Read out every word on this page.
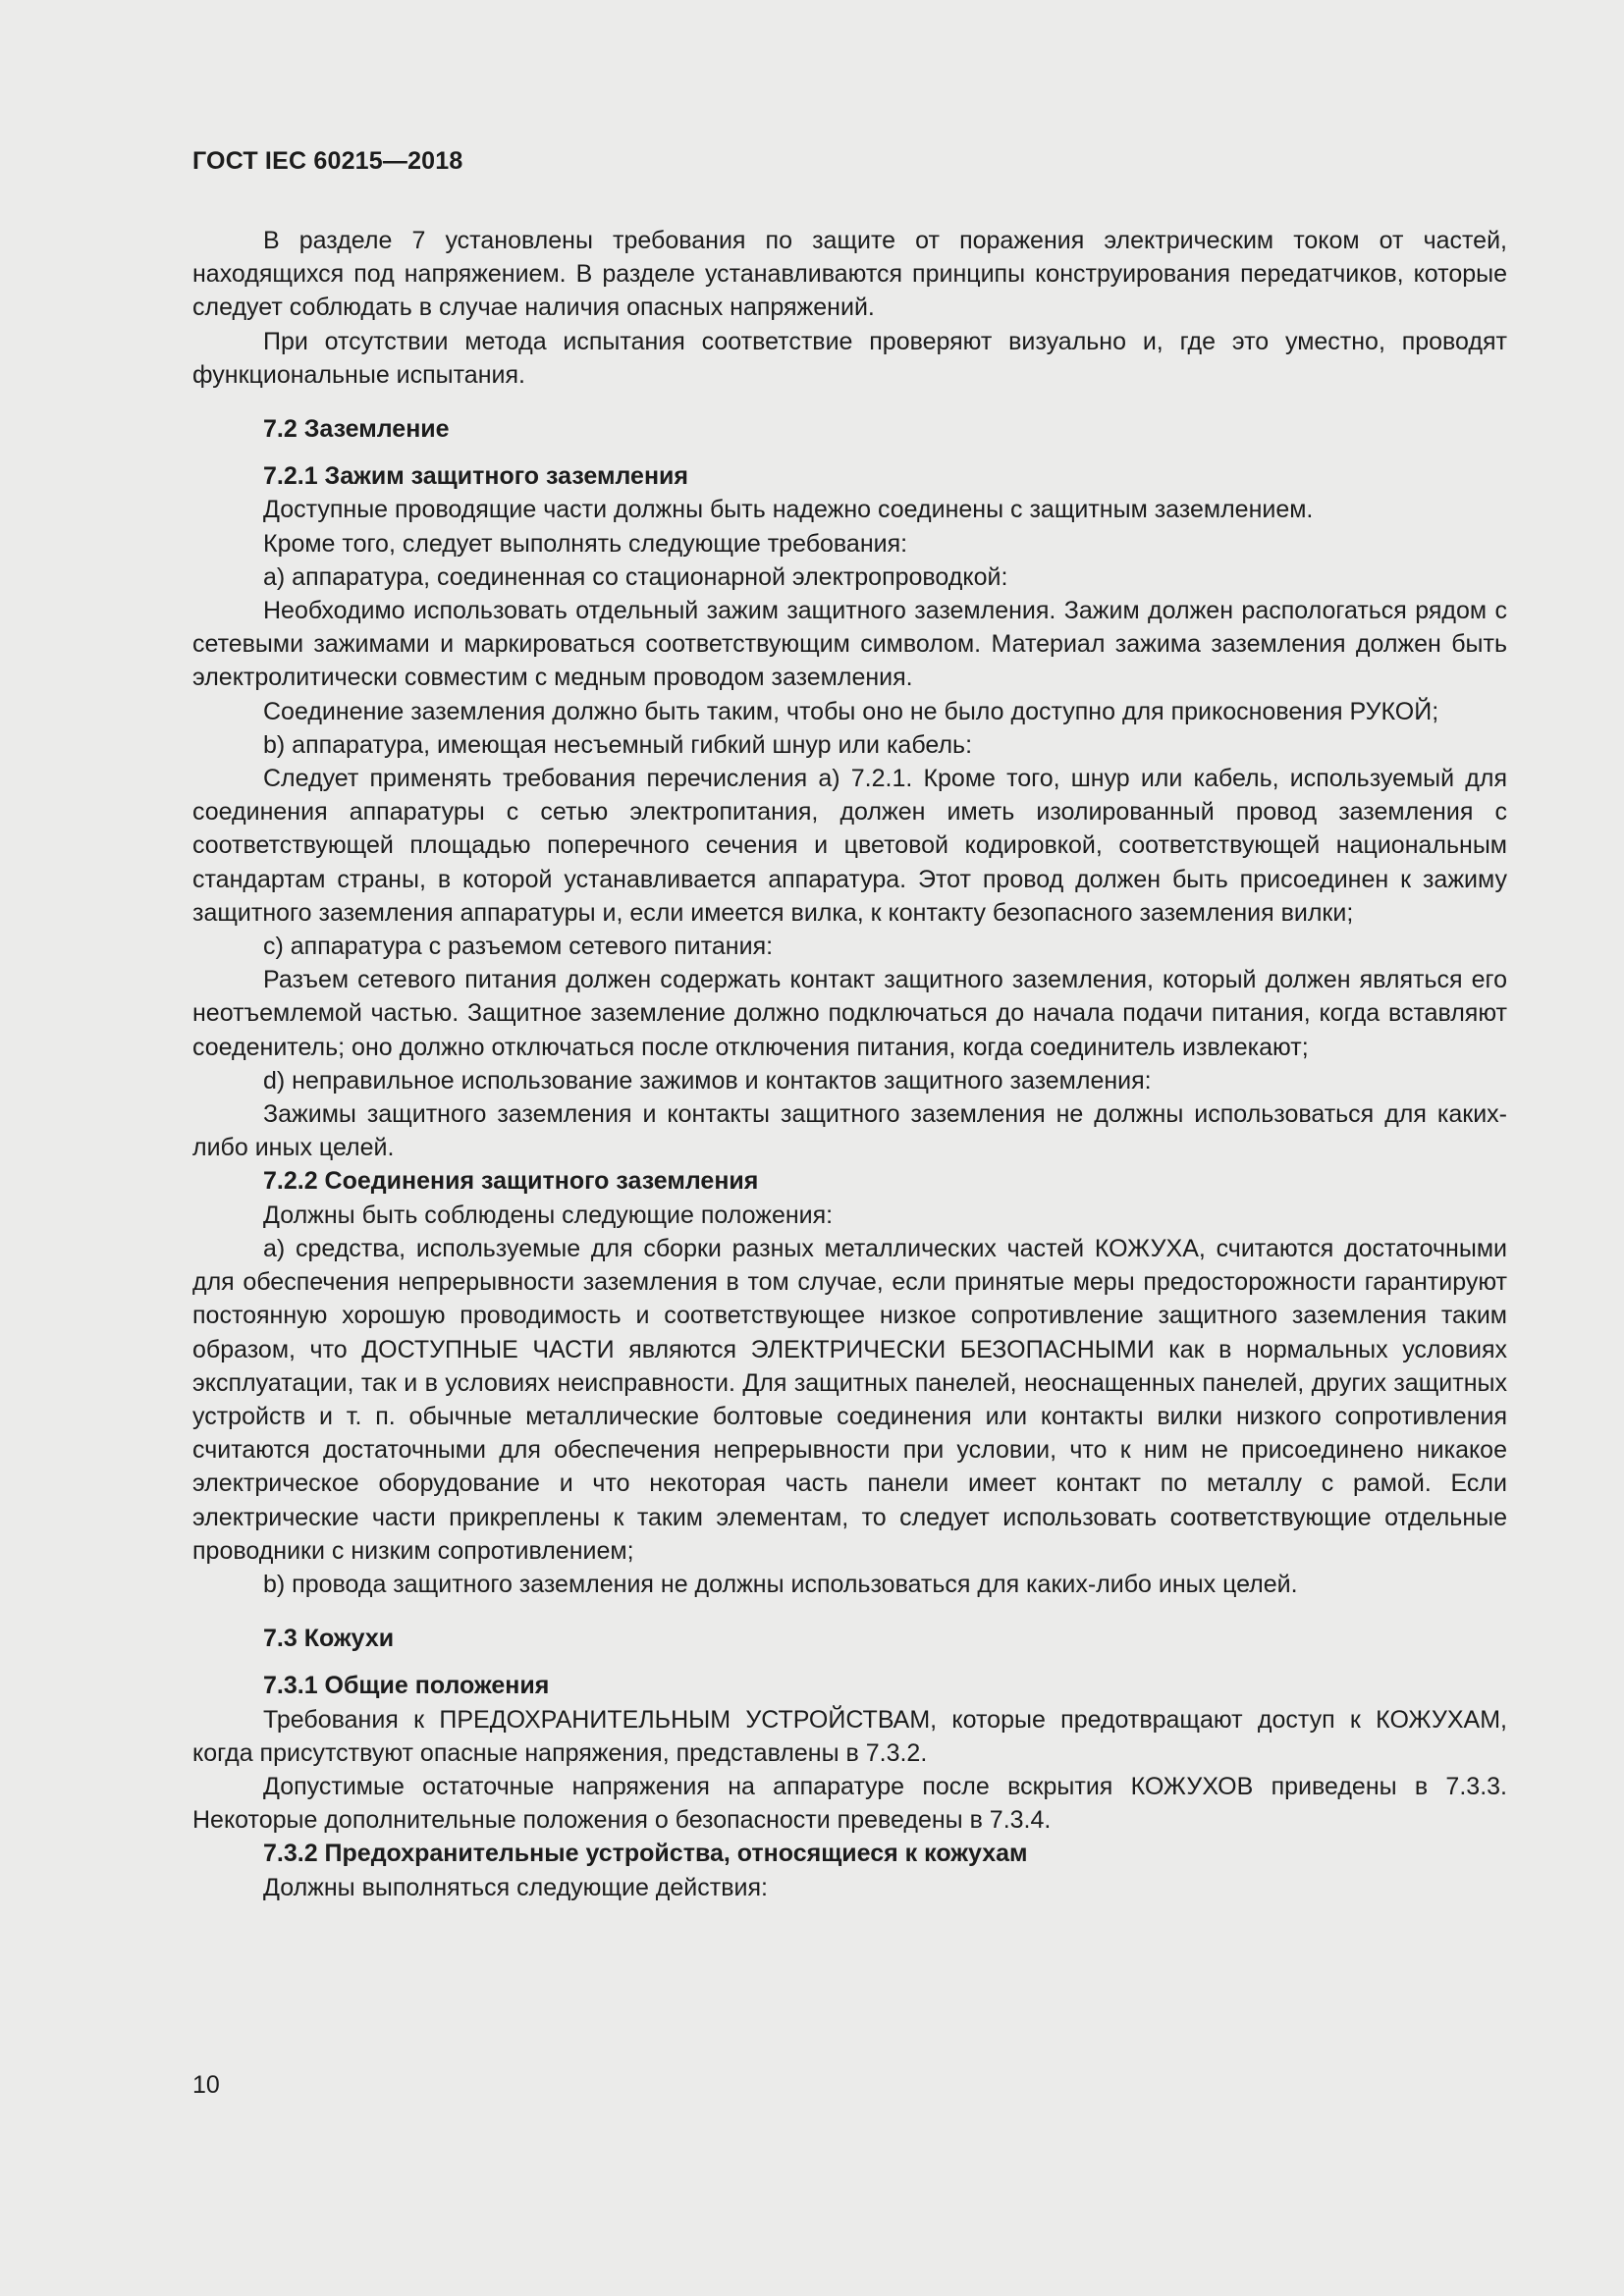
ГОСТ IEC 60215—2018

В разделе 7 установлены требования по защите от поражения электрическим током от частей, находящихся под напряжением. В разделе устанавливаются принципы конструирования передатчиков, которые следует соблюдать в случае наличия опасных напряжений.

При отсутствии метода испытания соответствие проверяют визуально и, где это уместно, проводят функциональные испытания.

7.2 Заземление

7.2.1 Зажим защитного заземления

Доступные проводящие части должны быть надежно соединены с защитным заземлением.

Кроме того, следует выполнять следующие требования:

a) аппаратура, соединенная со стационарной электропроводкой:

Необходимо использовать отдельный зажим защитного заземления. Зажим должен распологаться рядом с сетевыми зажимами и маркироваться соответствующим символом. Материал зажима заземления должен быть электролитически совместим с медным проводом заземления.

Соединение заземления должно быть таким, чтобы оно не было доступно для прикосновения РУКОЙ;

b) аппаратура, имеющая несъемный гибкий шнур или кабель:

Следует применять требования перечисления a) 7.2.1. Кроме того, шнур или кабель, используемый для соединения аппаратуры с сетью электропитания, должен иметь изолированный провод заземления с соответствующей площадью поперечного сечения и цветовой кодировкой, соответствующей национальным стандартам страны, в которой устанавливается аппаратура. Этот провод должен быть присоединен к зажиму защитного заземления аппаратуры и, если имеется вилка, к контакту безопасного заземления вилки;

c) аппаратура с разъемом сетевого питания:

Разъем сетевого питания должен содержать контакт защитного заземления, который должен являться его неотъемлемой частью. Защитное заземление должно подключаться до начала подачи питания, когда вставляют соеденитель; оно должно отключаться после отключения питания, когда соединитель извлекают;

d) неправильное использование зажимов и контактов защитного заземления:

Зажимы защитного заземления и контакты защитного заземления не должны использоваться для каких-либо иных целей.

7.2.2 Соединения защитного заземления

Должны быть соблюдены следующие положения:

a) средства, используемые для сборки разных металлических частей КОЖУХА, считаются достаточными для обеспечения непрерывности заземления в том случае, если принятые меры предосторожности гарантируют постоянную хорошую проводимость и соответствующее низкое сопротивление защитного заземления таким образом, что ДОСТУПНЫЕ ЧАСТИ являются ЭЛЕКТРИЧЕСКИ БЕЗОПАСНЫМИ как в нормальных условиях эксплуатации, так и в условиях неисправности. Для защитных панелей, неоснащенных панелей, других защитных устройств и т. п. обычные металлические болтовые соединения или контакты вилки низкого сопротивления считаются достаточными для обеспечения непрерывности при условии, что к ним не присоединено никакое электрическое оборудование и что некоторая часть панели имеет контакт по металлу с рамой. Если электрические части прикреплены к таким элементам, то следует использовать соответствующие отдельные проводники с низким сопротивлением;

b) провода защитного заземления не должны использоваться для каких-либо иных целей.

7.3 Кожухи

7.3.1 Общие положения

Требования к ПРЕДОХРАНИТЕЛЬНЫМ УСТРОЙСТВАМ, которые предотвращают доступ к КОЖУХАМ, когда присутствуют опасные напряжения, представлены в 7.3.2.

Допустимые остаточные напряжения на аппаратуре после вскрытия КОЖУХОВ приведены в 7.3.3. Некоторые дополнительные положения о безопасности преведены в 7.3.4.

7.3.2 Предохранительные устройства, относящиеся к кожухам

Должны выполняться следующие действия:

10
